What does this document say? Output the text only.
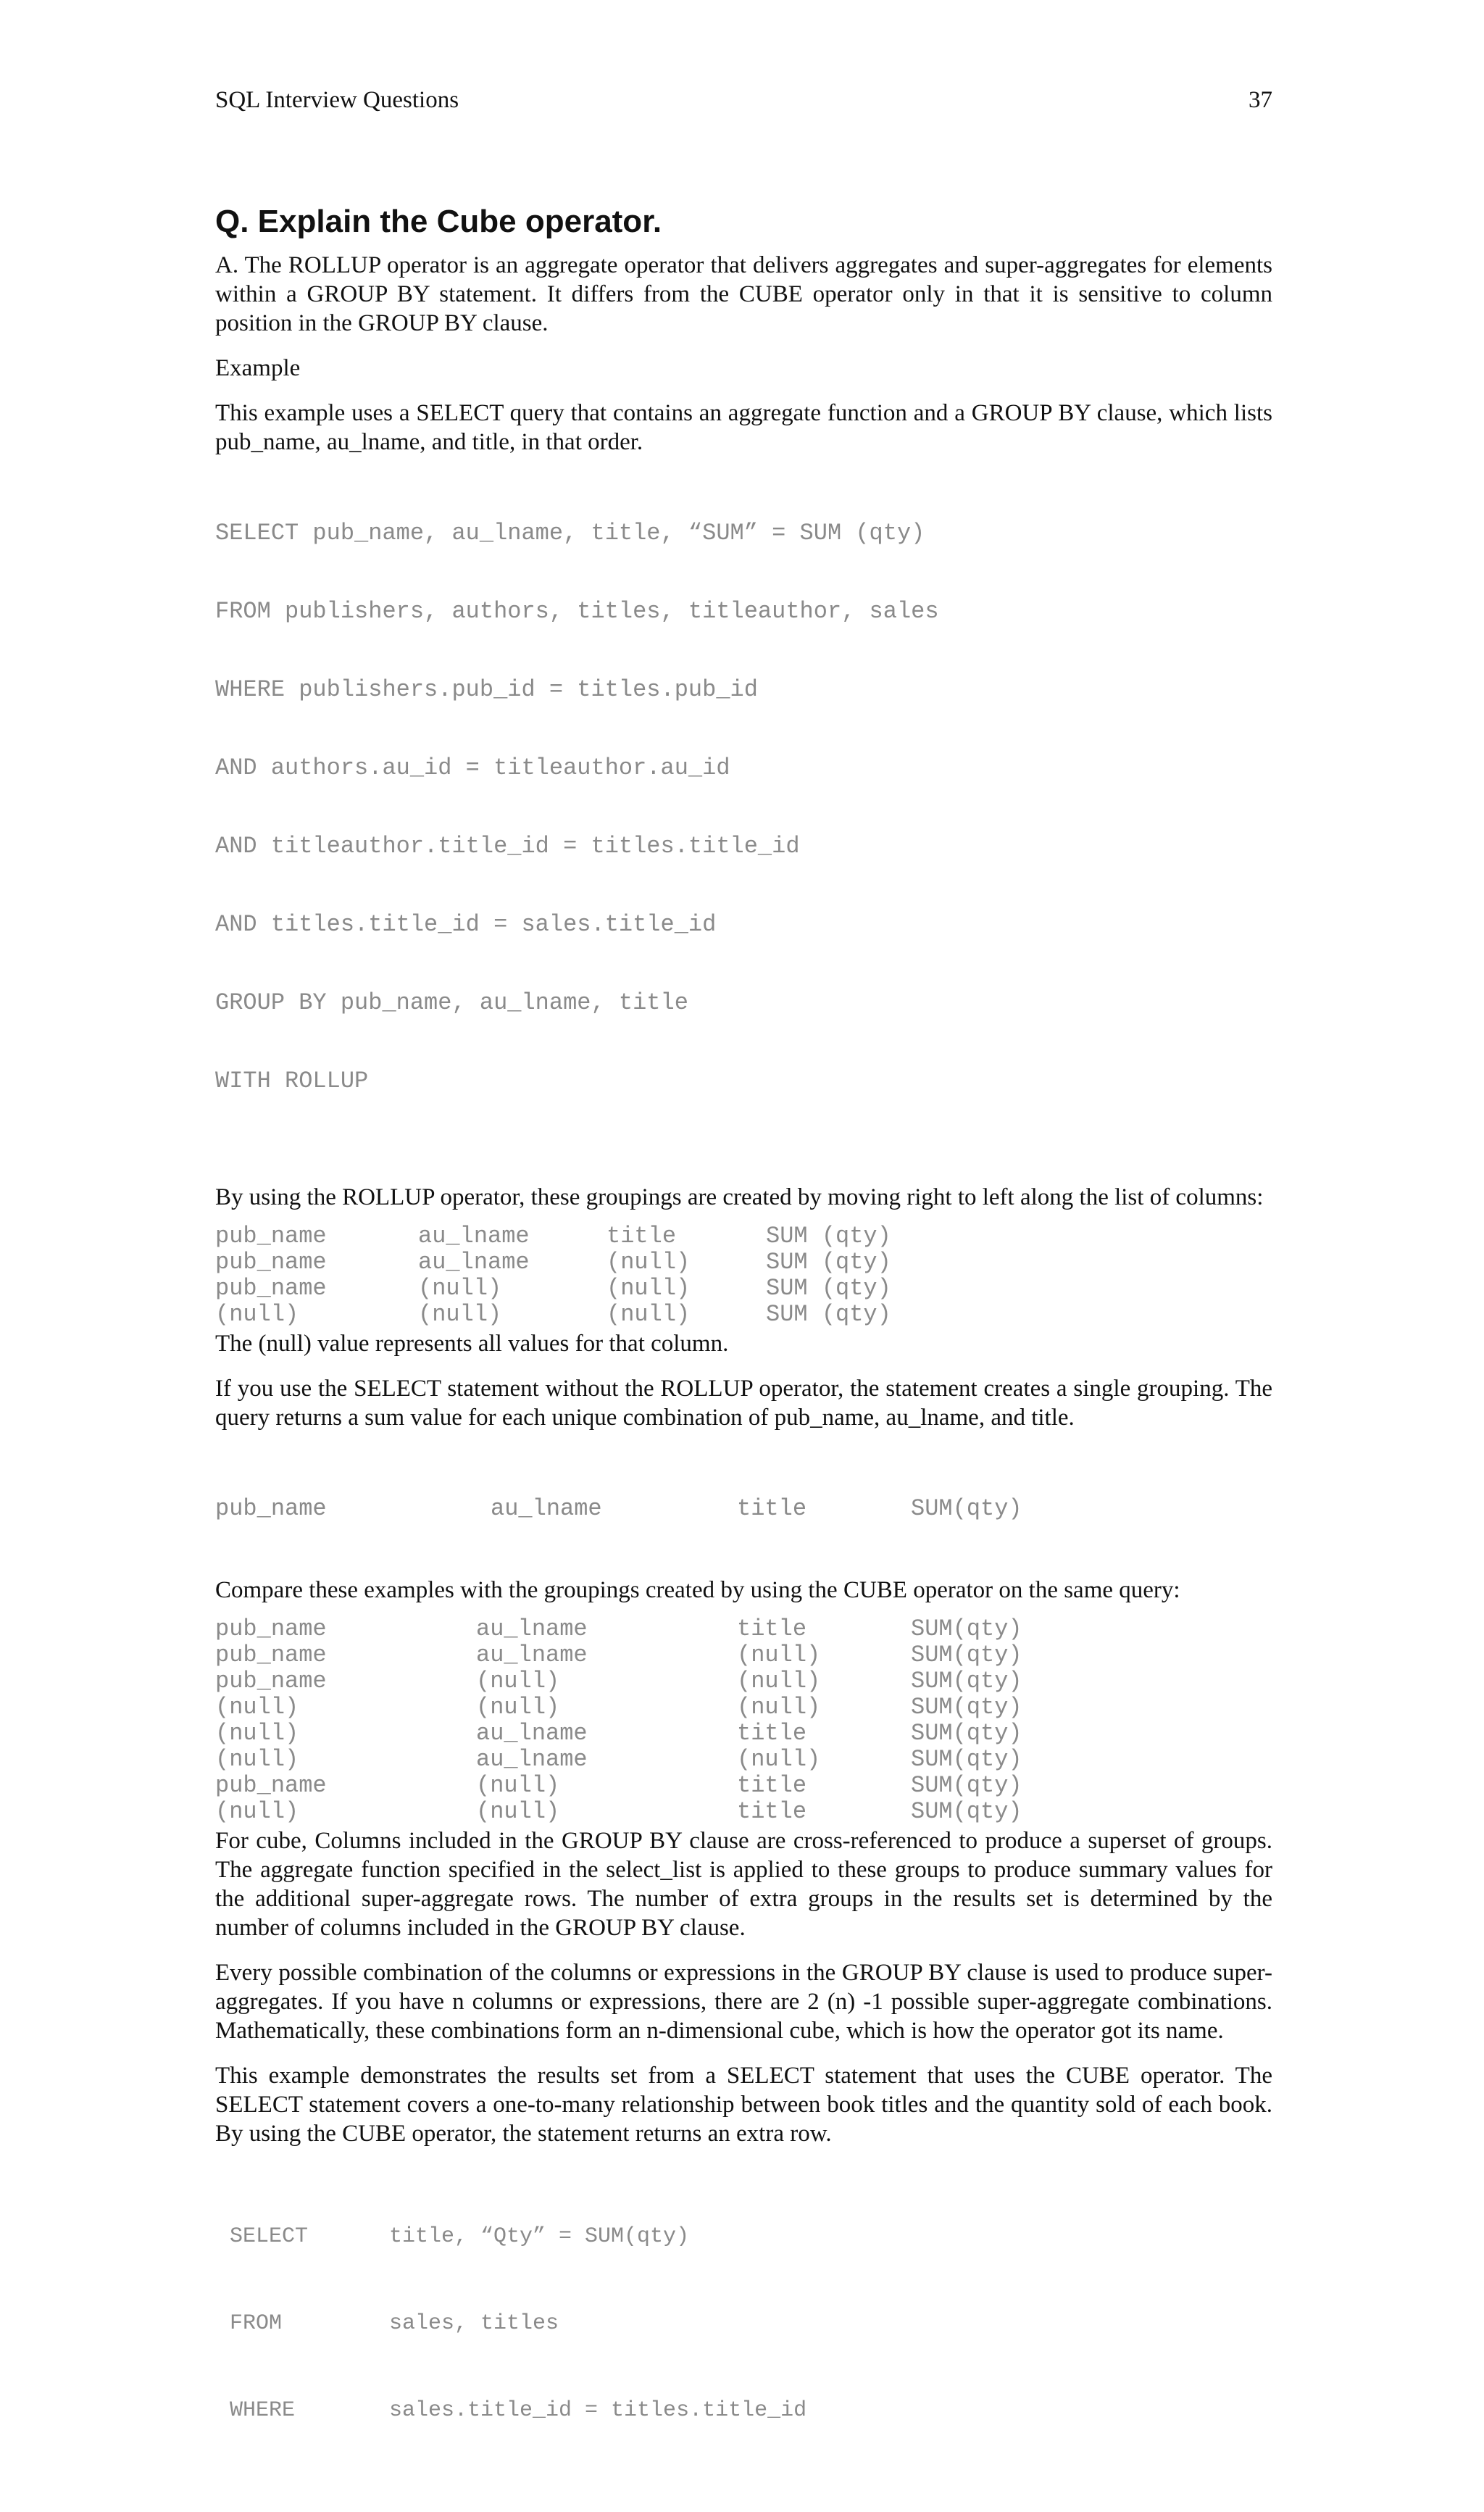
SQL Interview Questions	37
Q. Explain the Cube operator.

A. The ROLLUP operator is an aggregate operator that delivers aggregates and super-aggregates for elements within a GROUP BY statement. It differs from the CUBE operator only in that it is sensitive to column position in the GROUP BY clause.

Example

This example uses a SELECT query that contains an aggregate function and a GROUP BY clause, which lists pub_name, au_lname, and title, in that order.

SELECT pub_name, au_lname, title, “SUM” = SUM (qty)

FROM publishers, authors, titles, titleauthor, sales

WHERE publishers.pub_id = titles.pub_id

AND authors.au_id = titleauthor.au_id

AND titleauthor.title_id = titles.title_id

AND titles.title_id = sales.title_id

GROUP BY pub_name, au_lname, title

WITH ROLLUP

By using the ROLLUP operator, these groupings are created by moving right to left along the list of columns:

pub_name	au_lname	title	SUM (qty)
pub_name	au_lname	(null)	SUM (qty)
pub_name	(null)	(null)	SUM (qty)
(null)	(null)	(null)	SUM (qty)

The (null) value represents all values for that column.

If you use the SELECT statement without the ROLLUP operator, the statement creates a single grouping. The query returns a sum value for each unique combination of pub_name, au_lname, and title.

pub_name

	au_lname

	title

	SUM(qty)

Compare these examples with the groupings created by using the CUBE operator on the same query:

pub_name	au_lname	title	SUM(qty)
pub_name	au_lname	(null)	SUM(qty)
pub_name	(null)	(null)	SUM(qty)
(null)	(null)	(null)	SUM(qty)
(null)	au_lname	title	SUM(qty)
(null)	au_lname	(null)	SUM(qty)
pub_name	(null)	title	SUM(qty)
(null)	(null)	title	SUM(qty)

For cube, Columns included in the GROUP BY clause are cross-referenced to produce a superset of groups. The aggregate function specified in the select_list is applied to these groups to produce summary values for the additional super-aggregate rows. The number of extra groups in the results set is determined by the number of columns included in the GROUP BY clause.

Every possible combination of the columns or expressions in the GROUP BY clause is used to produce super-aggregates. If you have n columns or expressions, there are 2 (n) -1 possible super-aggregate combinations. Mathematically, these combinations form an n-dimensional cube, which is how the operator got its name.

This example demonstrates the results set from a SELECT statement that uses the CUBE operator. The SELECT statement covers a one-to-many relationship between book titles and the quantity sold of each book. By using the CUBE operator, the statement returns an extra row.

SELECT

	title, “Qty” = SUM(qty)

FROM

	sales, titles

WHERE

	sales.title_id = titles.title_id
